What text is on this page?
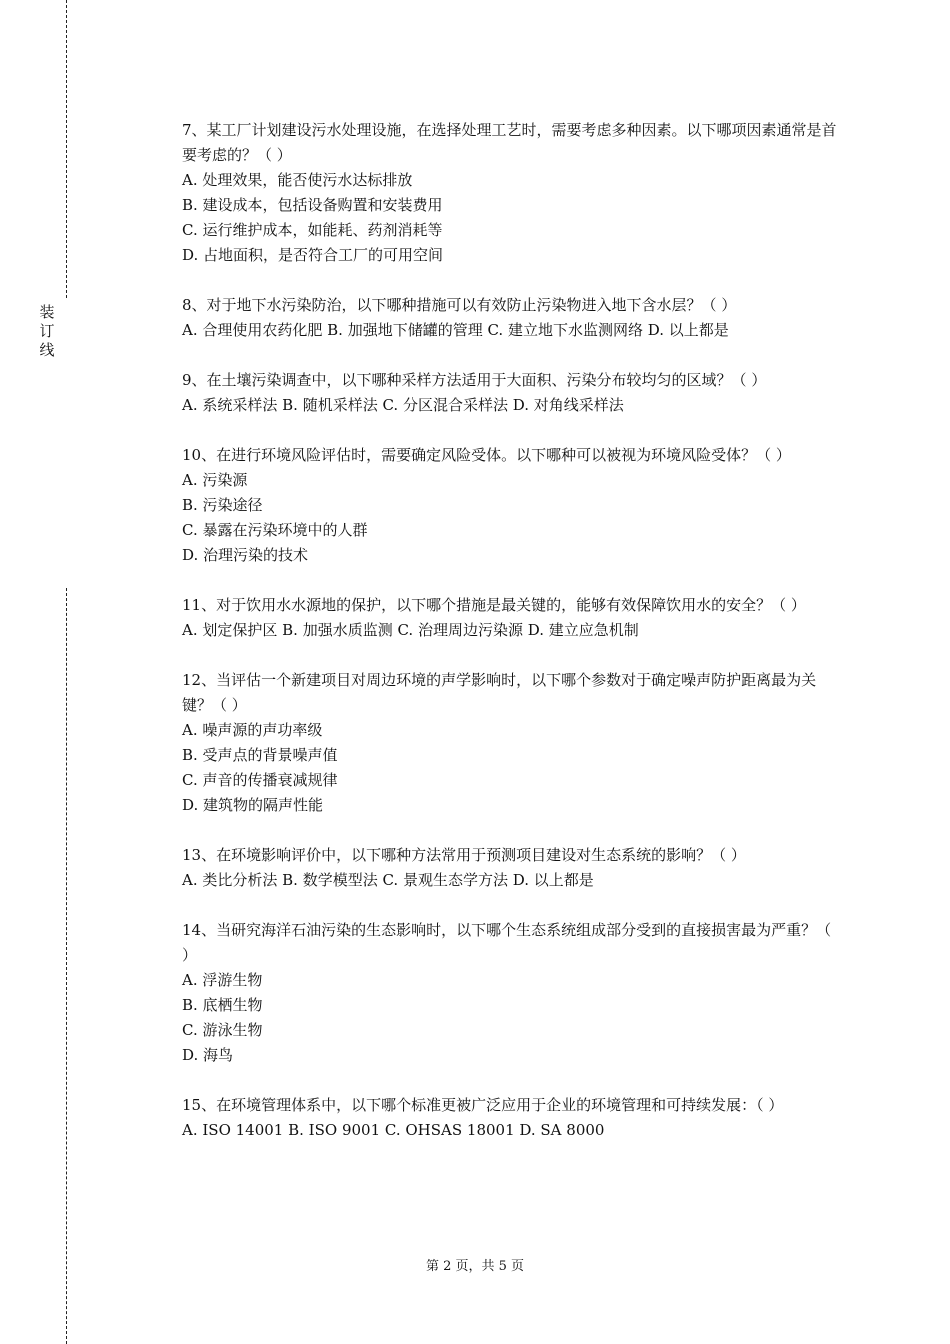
装
订
线

7、某工厂计划建设污水处理设施，在选择处理工艺时，需要考虑多种因素。以下哪项因素通常是首要考虑的？（ ）

A. 处理效果，能否使污水达标排放

B. 建设成本，包括设备购置和安装费用

C. 运行维护成本，如能耗、药剂消耗等

D. 占地面积，是否符合工厂的可用空间

8、对于地下水污染防治，以下哪种措施可以有效防止污染物进入地下含水层？（ ）

A. 合理使用农药化肥 B. 加强地下储罐的管理 C. 建立地下水监测网络 D. 以上都是

9、在土壤污染调查中，以下哪种采样方法适用于大面积、污染分布较均匀的区域？（ ）

A. 系统采样法 B. 随机采样法 C. 分区混合采样法 D. 对角线采样法

10、在进行环境风险评估时，需要确定风险受体。以下哪种可以被视为环境风险受体？（ ）

A. 污染源

B. 污染途径

C. 暴露在污染环境中的人群

D. 治理污染的技术

11、对于饮用水水源地的保护，以下哪个措施是最关键的，能够有效保障饮用水的安全？（ ）

A. 划定保护区 B. 加强水质监测 C. 治理周边污染源 D. 建立应急机制

12、当评估一个新建项目对周边环境的声学影响时，以下哪个参数对于确定噪声防护距离最为关键？（ ）

A. 噪声源的声功率级

B. 受声点的背景噪声值

C. 声音的传播衰减规律

D. 建筑物的隔声性能

13、在环境影响评价中，以下哪种方法常用于预测项目建设对生态系统的影响？（ ）

A. 类比分析法 B. 数学模型法 C. 景观生态学方法 D. 以上都是

14、当研究海洋石油污染的生态影响时，以下哪个生态系统组成部分受到的直接损害最为严重？（ ）

A. 浮游生物

B. 底栖生物

C. 游泳生物

D. 海鸟

15、在环境管理体系中，以下哪个标准更被广泛应用于企业的环境管理和可持续发展：（ ）

A. ISO 14001 B. ISO 9001 C. OHSAS 18001 D. SA 8000

第 2 页，共 5 页
